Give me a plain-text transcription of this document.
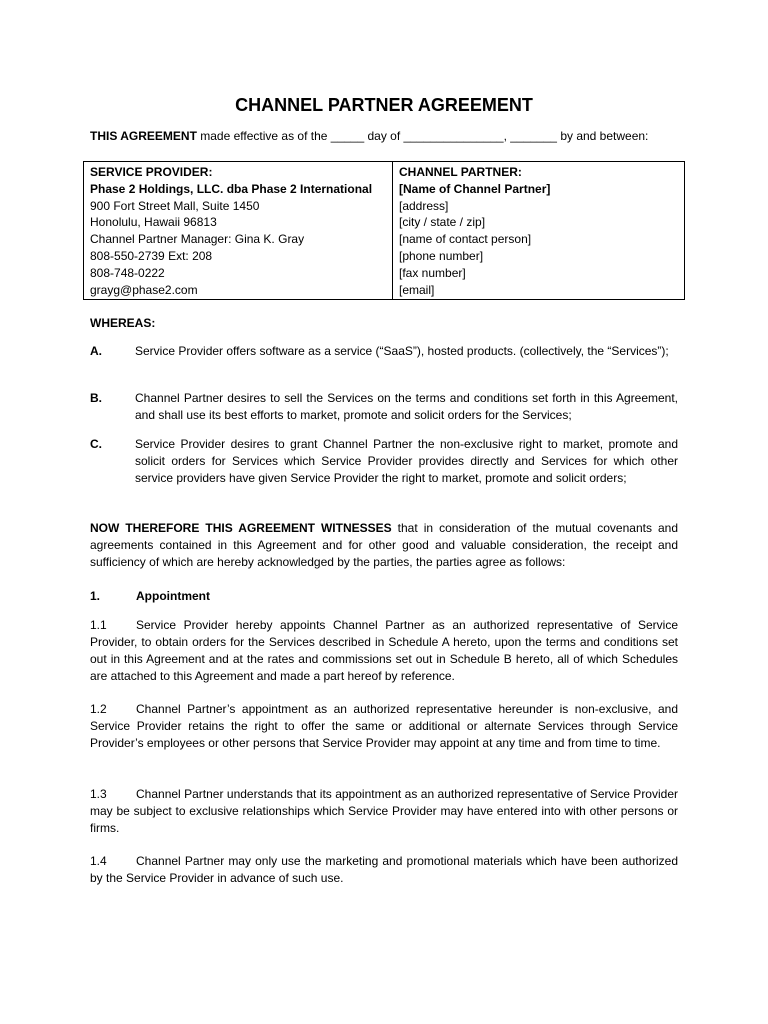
CHANNEL PARTNER AGREEMENT
THIS AGREEMENT made effective as of the _____ day of _______________, _______ by and between:
SERVICE PROVIDER:
Phase 2 Holdings, LLC. dba Phase 2 International
900 Fort Street Mall, Suite 1450
Honolulu, Hawaii 96813
Channel Partner Manager: Gina K. Gray
808-550-2739 Ext: 208
808-748-0222
grayg@phase2.com

CHANNEL PARTNER:
[Name of Channel Partner]
[address]
[city / state / zip]
[name of contact person]
[phone number]
[fax number]
[email]
WHEREAS:
A.	Service Provider offers software as a service (“SaaS”), hosted products. (collectively, the “Services”);
B.	Channel Partner desires to sell the Services on the terms and conditions set forth in this Agreement, and shall use its best efforts to market, promote and solicit orders for the Services;
C.	Service Provider desires to grant Channel Partner the non-exclusive right to market, promote and solicit orders for Services which Service Provider provides directly and Services for which other service providers have given Service Provider the right to market, promote and solicit orders;
NOW THEREFORE THIS AGREEMENT WITNESSES that in consideration of the mutual covenants and agreements contained in this Agreement and for other good and valuable consideration, the receipt and sufficiency of which are hereby acknowledged by the parties, the parties agree as follows:
1.	Appointment
1.1 Service Provider hereby appoints Channel Partner as an authorized representative of Service Provider, to obtain orders for the Services described in Schedule A hereto, upon the terms and conditions set out in this Agreement and at the rates and commissions set out in Schedule B hereto, all of which Schedules are attached to this Agreement and made a part hereof by reference.
1.2 Channel Partner’s appointment as an authorized representative hereunder is non-exclusive, and Service Provider retains the right to offer the same or additional or alternate Services through Service Provider’s employees or other persons that Service Provider may appoint at any time and from time to time.
1.3 Channel Partner understands that its appointment as an authorized representative of Service Provider may be subject to exclusive relationships which Service Provider may have entered into with other persons or firms.
1.4 Channel Partner may only use the marketing and promotional materials which have been authorized by the Service Provider in advance of such use.
